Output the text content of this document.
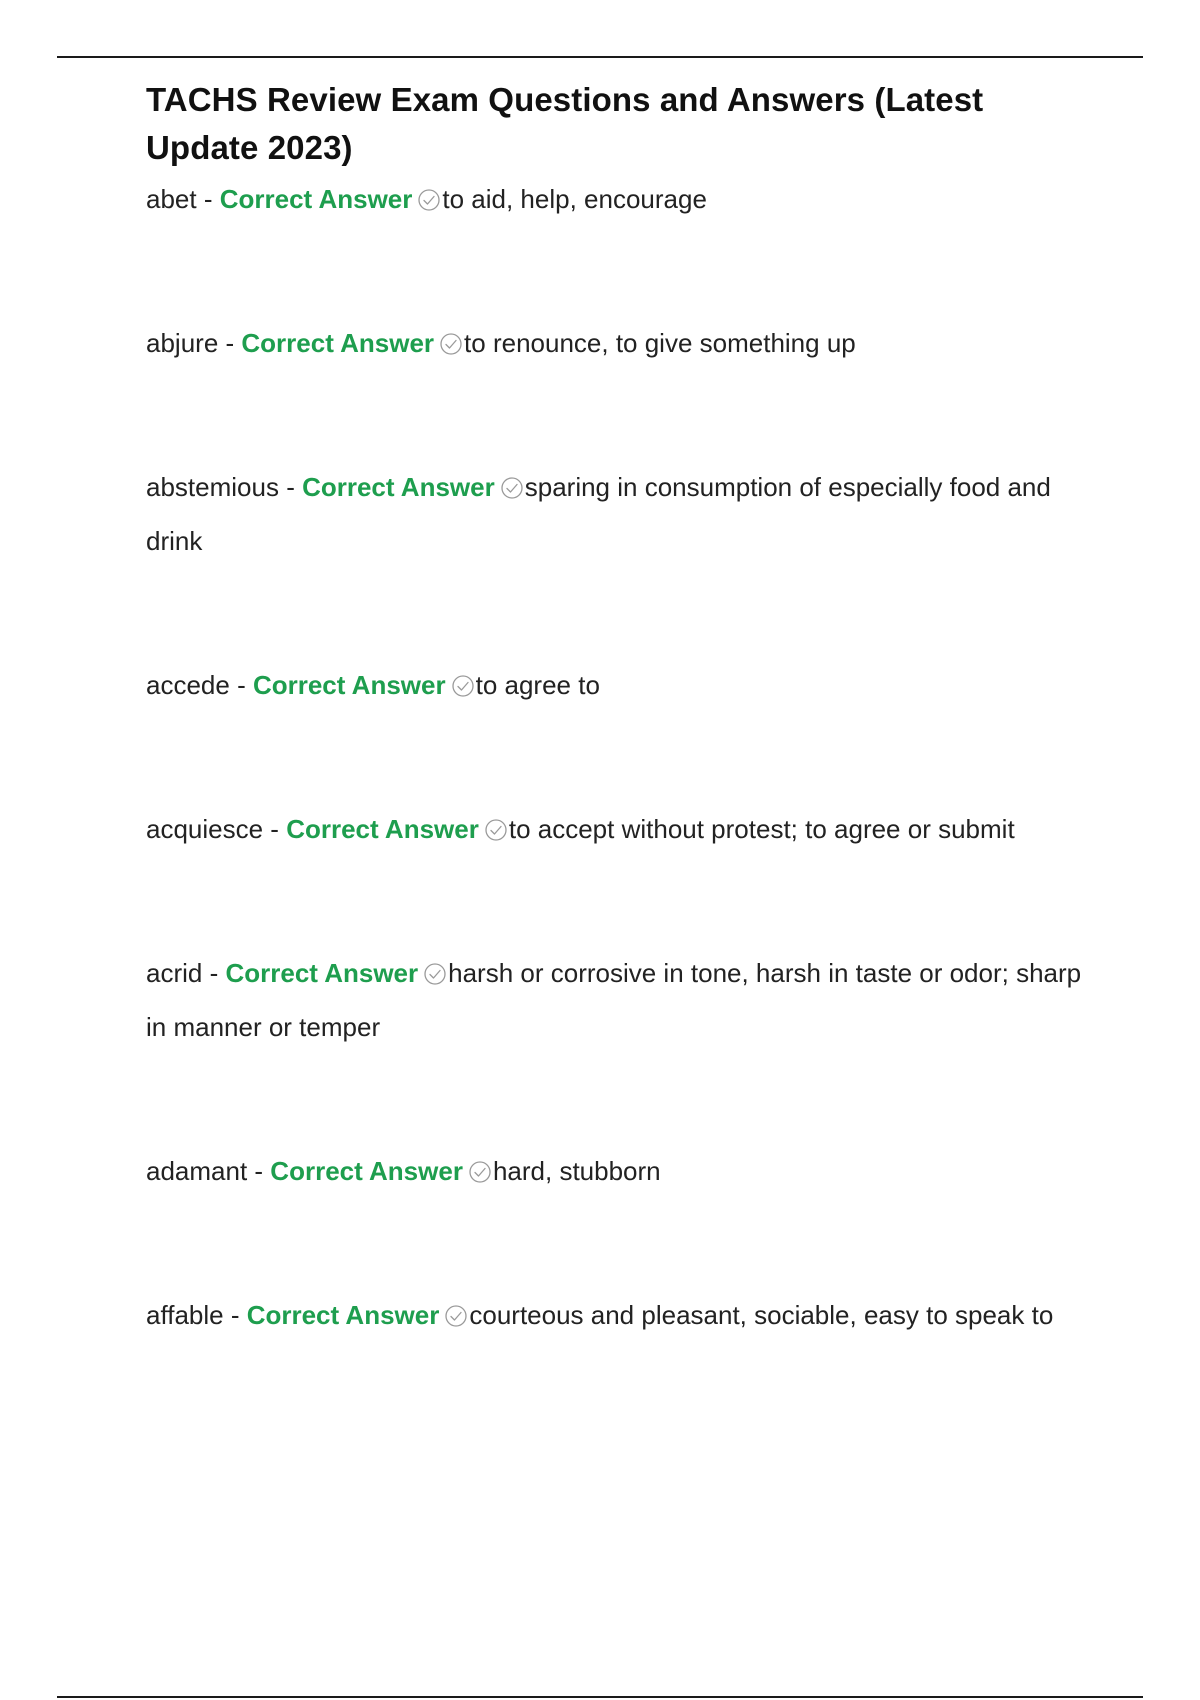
TACHS Review Exam Questions and Answers (Latest Update 2023)

abet - Correct Answer to aid, help, encourage

abjure - Correct Answer to renounce, to give something up

abstemious - Correct Answer sparing in consumption of especially food and drink

accede - Correct Answer to agree to

acquiesce - Correct Answer to accept without protest; to agree or submit

acrid - Correct Answer harsh or corrosive in tone, harsh in taste or odor; sharp in manner or temper

adamant - Correct Answer hard, stubborn

affable - Correct Answer courteous and pleasant, sociable, easy to speak to
